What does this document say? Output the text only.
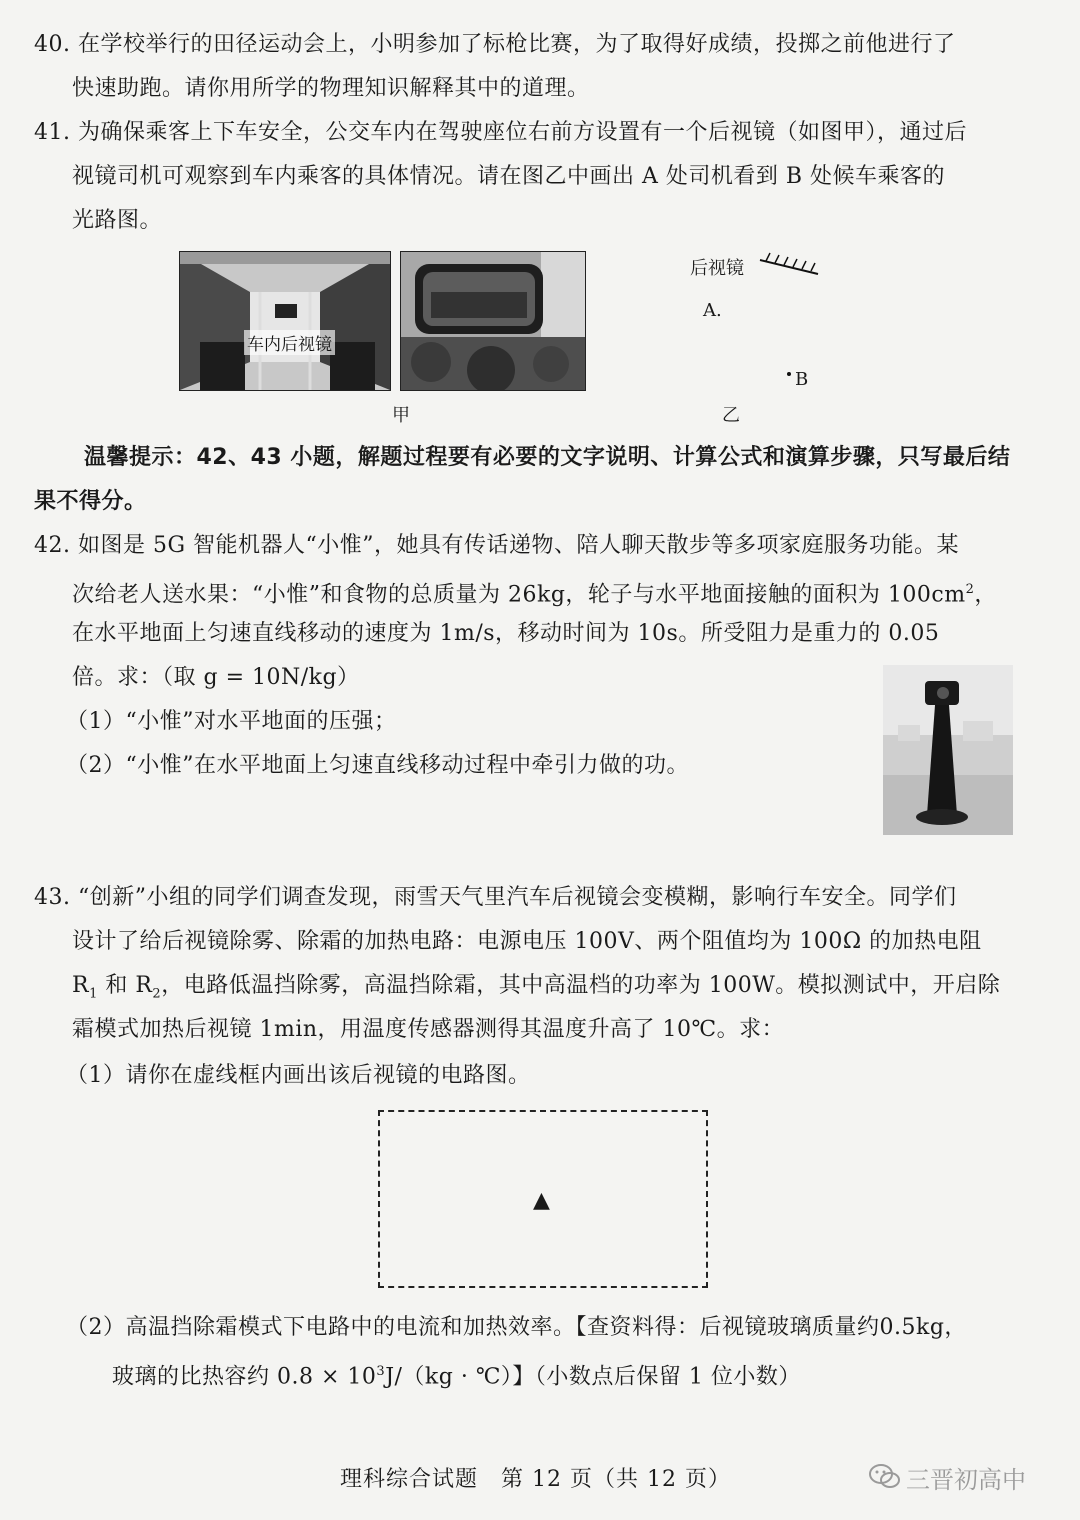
40. 在学校举行的田径运动会上，小明参加了标枪比赛，为了取得好成绩，投掷之前他进行了
快速助跑。请你用所学的物理知识解释其中的道理。
41. 为确保乘客上下车安全，公交车内在驾驶座位右前方设置有一个后视镜（如图甲），通过后
视镜司机可观察到车内乘客的具体情况。请在图乙中画出 A 处司机看到 B 处候车乘客的
光路图。
车内后视镜
甲
后视镜
A.
B
乙
温馨提示：42、43 小题，解题过程要有必要的文字说明、计算公式和演算步骤，只写最后结
果不得分。
42. 如图是 5G 智能机器人“小惟”，她具有传话递物、陪人聊天散步等多项家庭服务功能。某
次给老人送水果：“小惟”和食物的总质量为 26kg，轮子与水平地面接触的面积为 $100cm^2$，
在水平地面上匀速直线移动的速度为 1m/s，移动时间为 10s。所受阻力是重力的 0.05
倍。求：（取 g = 10N/kg）
（1）“小惟”对水平地面的压强；
（2）“小惟”在水平地面上匀速直线移动过程中牵引力做的功。
43. “创新”小组的同学们调查发现，雨雪天气里汽车后视镜会变模糊，影响行车安全。同学们
设计了给后视镜除雾、除霜的加热电路：电源电压 100V、两个阻值均为 100Ω 的加热电阻
$R_1$ 和 $R_2$，电路低温挡除雾，高温挡除霜，其中高温档的功率为 100W。模拟测试中，开启除
霜模式加热后视镜 1min，用温度传感器测得其温度升高了 10℃。求：
（1）请你在虚线框内画出该后视镜的电路图。
▲
（2）高温挡除霜模式下电路中的电流和加热效率。【查资料得：后视镜玻璃质量约0.5kg，
玻璃的比热容约 $0.8 \times 10^3J/(kg$ · ℃）】（小数点后保留 1 位小数）
理科综合试题　第 12 页（共 12 页）	三晋初高中
